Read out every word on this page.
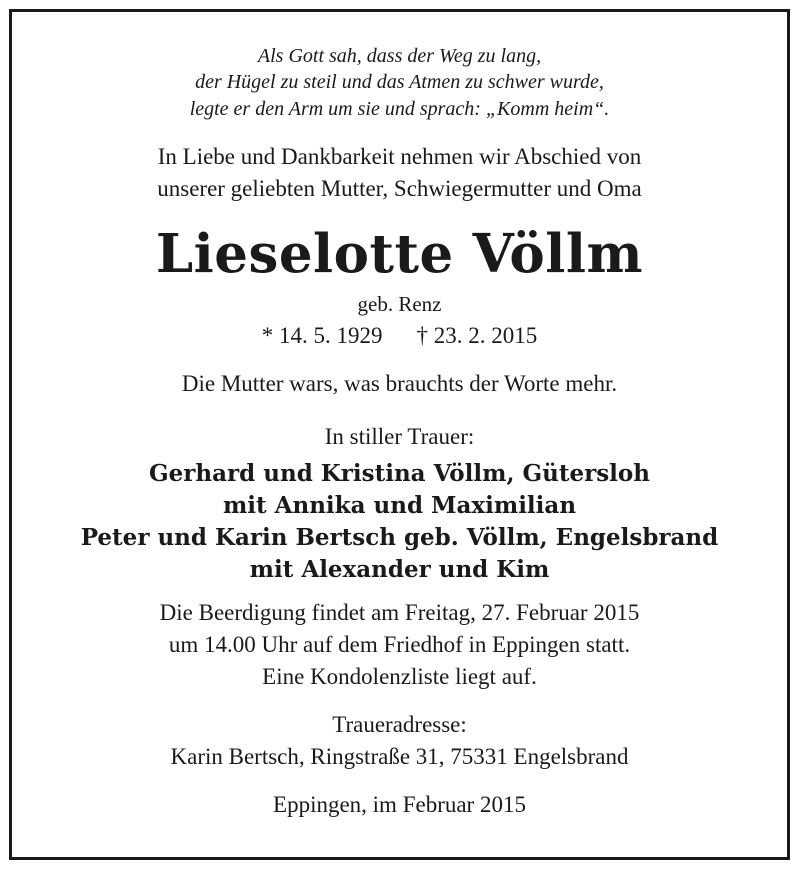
Als Gott sah, dass der Weg zu lang,
der Hügel zu steil und das Atmen zu schwer wurde,
legte er den Arm um sie und sprach: „Komm heim“.
In Liebe und Dankbarkeit nehmen wir Abschied von
unserer geliebten Mutter, Schwiegermutter und Oma
Lieselotte Völlm
geb. Renz
* 14. 5. 1929 † 23. 2. 2015
Die Mutter wars, was brauchts der Worte mehr.
In stiller Trauer:
Gerhard und Kristina Völlm, Gütersloh
mit Annika und Maximilian
Peter und Karin Bertsch geb. Völlm, Engelsbrand
mit Alexander und Kim
Die Beerdigung findet am Freitag, 27. Februar 2015
um 14.00 Uhr auf dem Friedhof in Eppingen statt.
Eine Kondolenzliste liegt auf.
Traueradresse:
Karin Bertsch, Ringstraße 31, 75331 Engelsbrand
Eppingen, im Februar 2015
